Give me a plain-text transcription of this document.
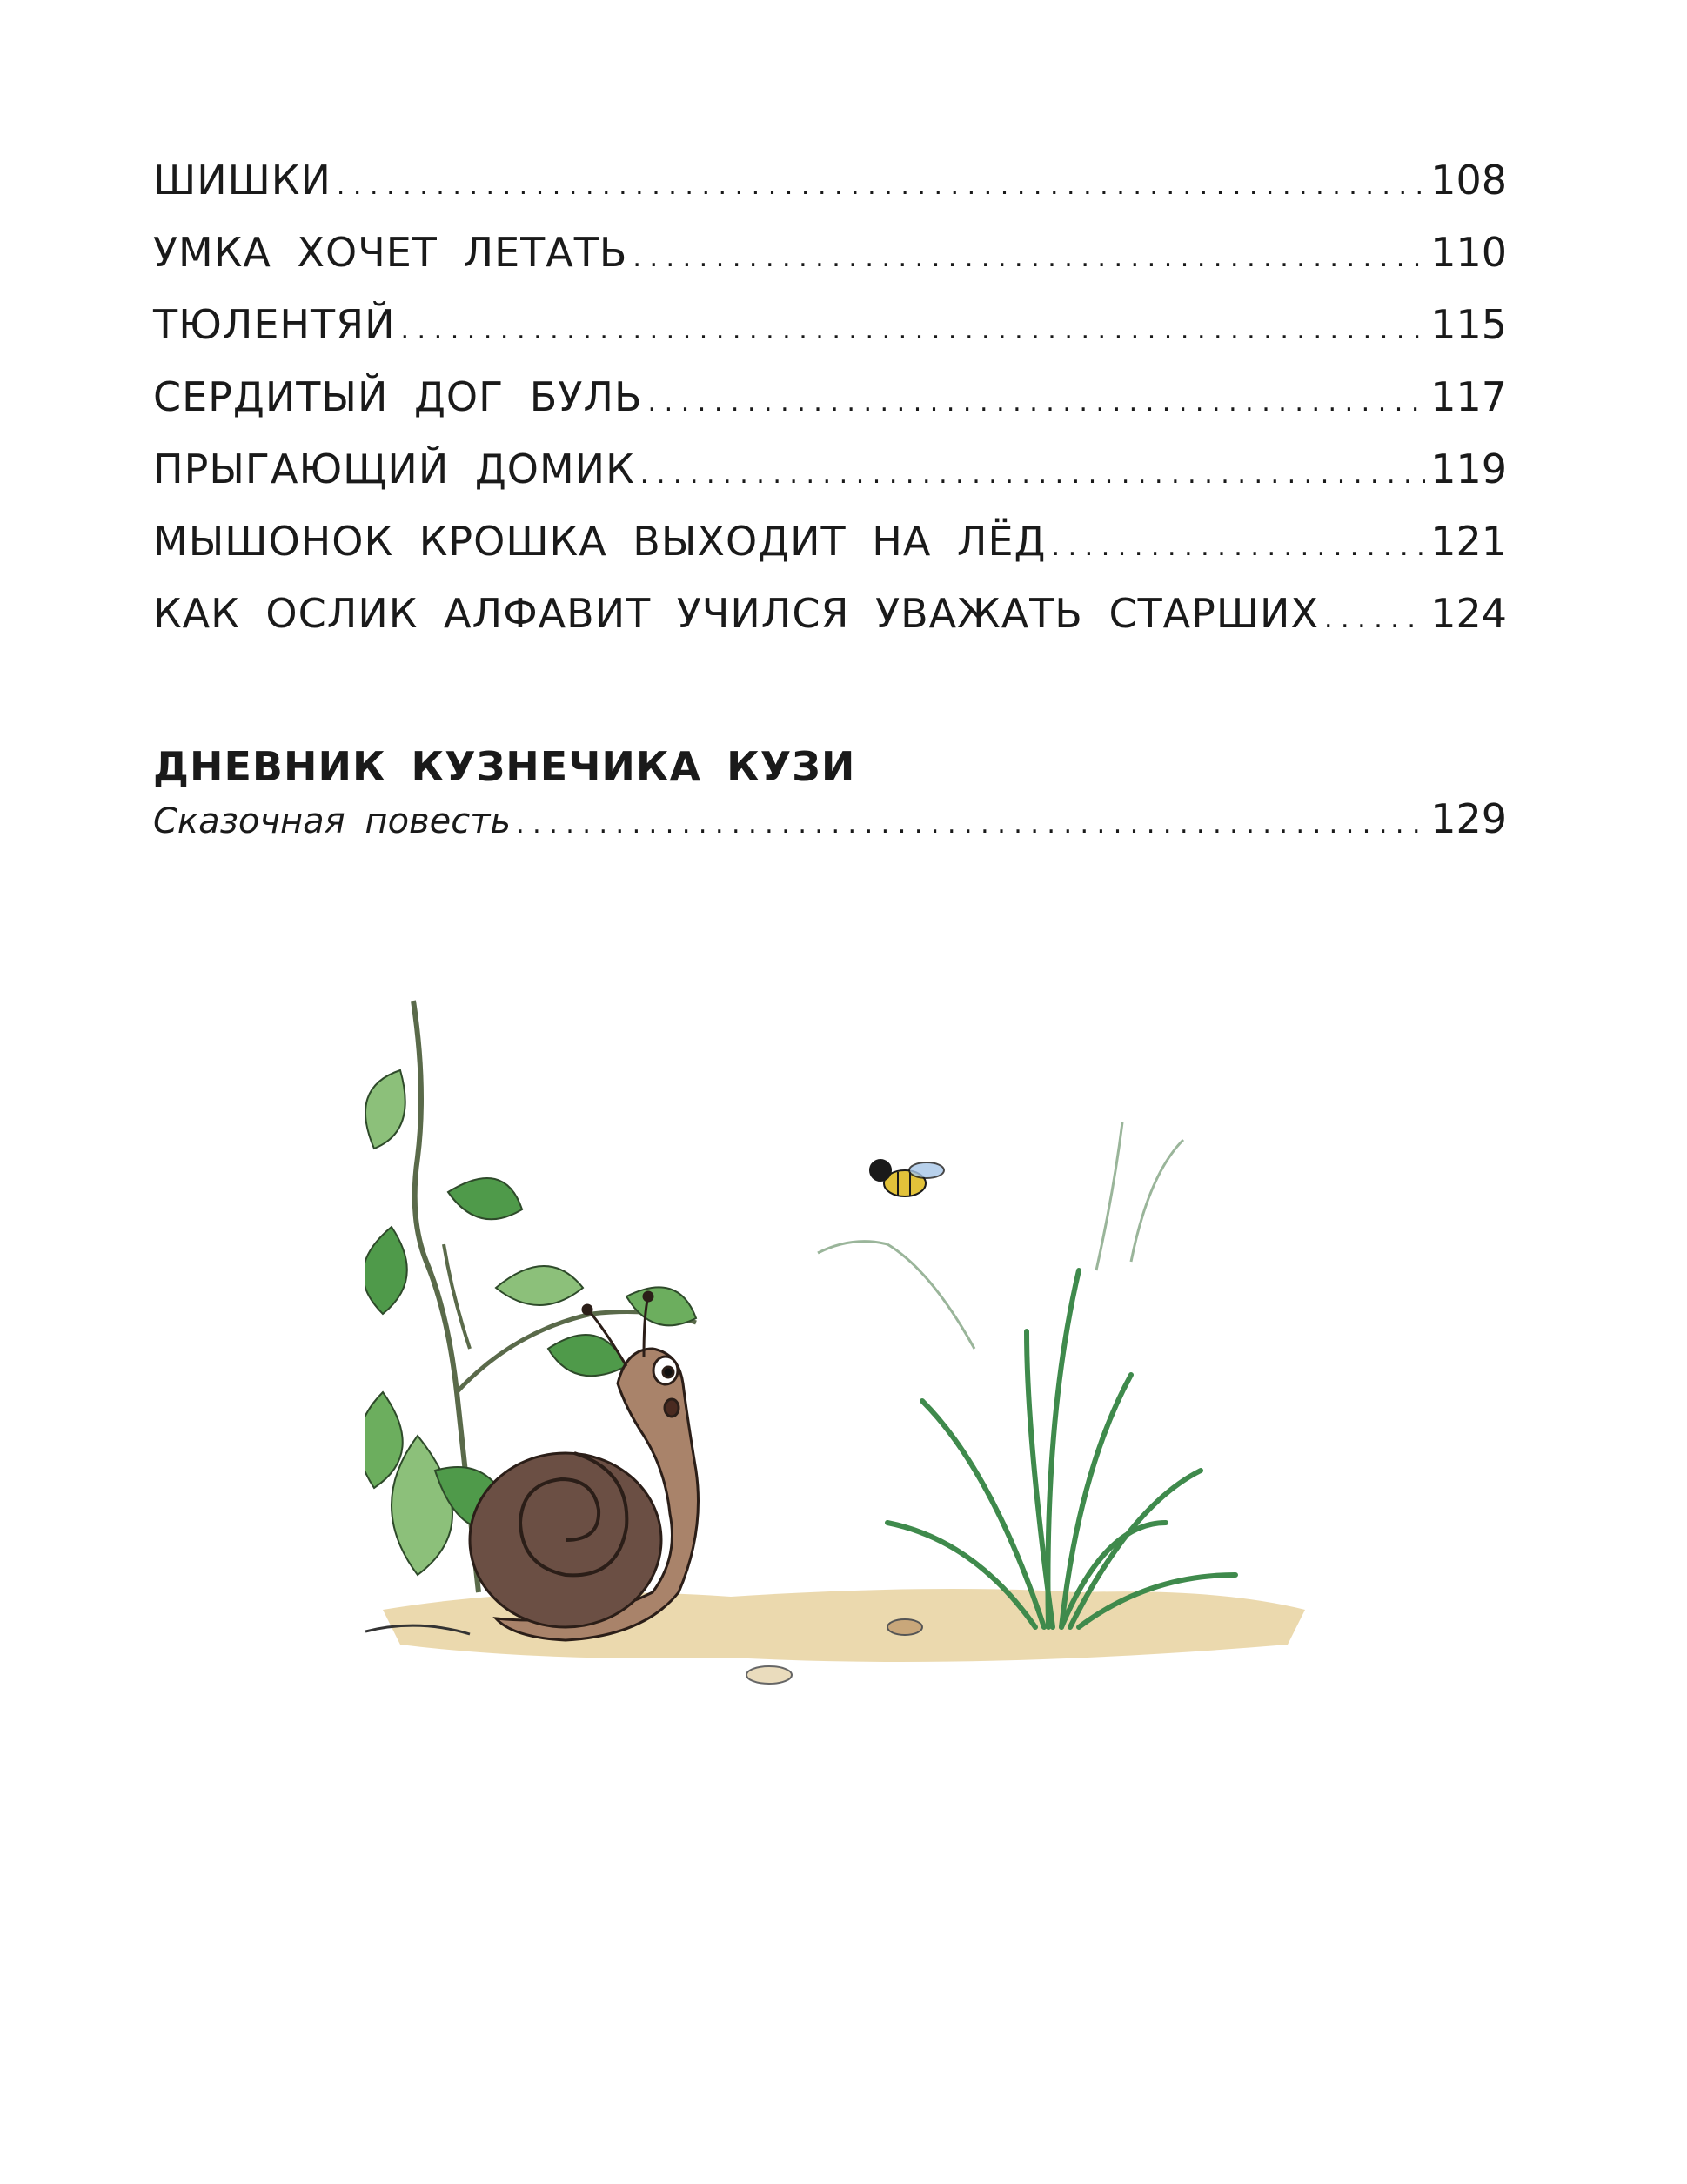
ШИШКИ . . .	108
УМКА ХОЧЕТ ЛЕТАТЬ . . .	110
ТЮЛЕНТЯЙ . . .	115
СЕРДИТЫЙ ДОГ БУЛЬ . . .	117
ПРЫГАЮЩИЙ ДОМИК . . .	119
МЫШОНОК КРОШКА ВЫХОДИТ НА ЛЁД . . .	121
КАК ОСЛИК АЛФАВИТ УЧИЛСЯ УВАЖАТЬ СТАРШИХ . . .	124
ДНЕВНИК КУЗНЕЧИКА КУЗИ
Сказочная повесть . . .	129
